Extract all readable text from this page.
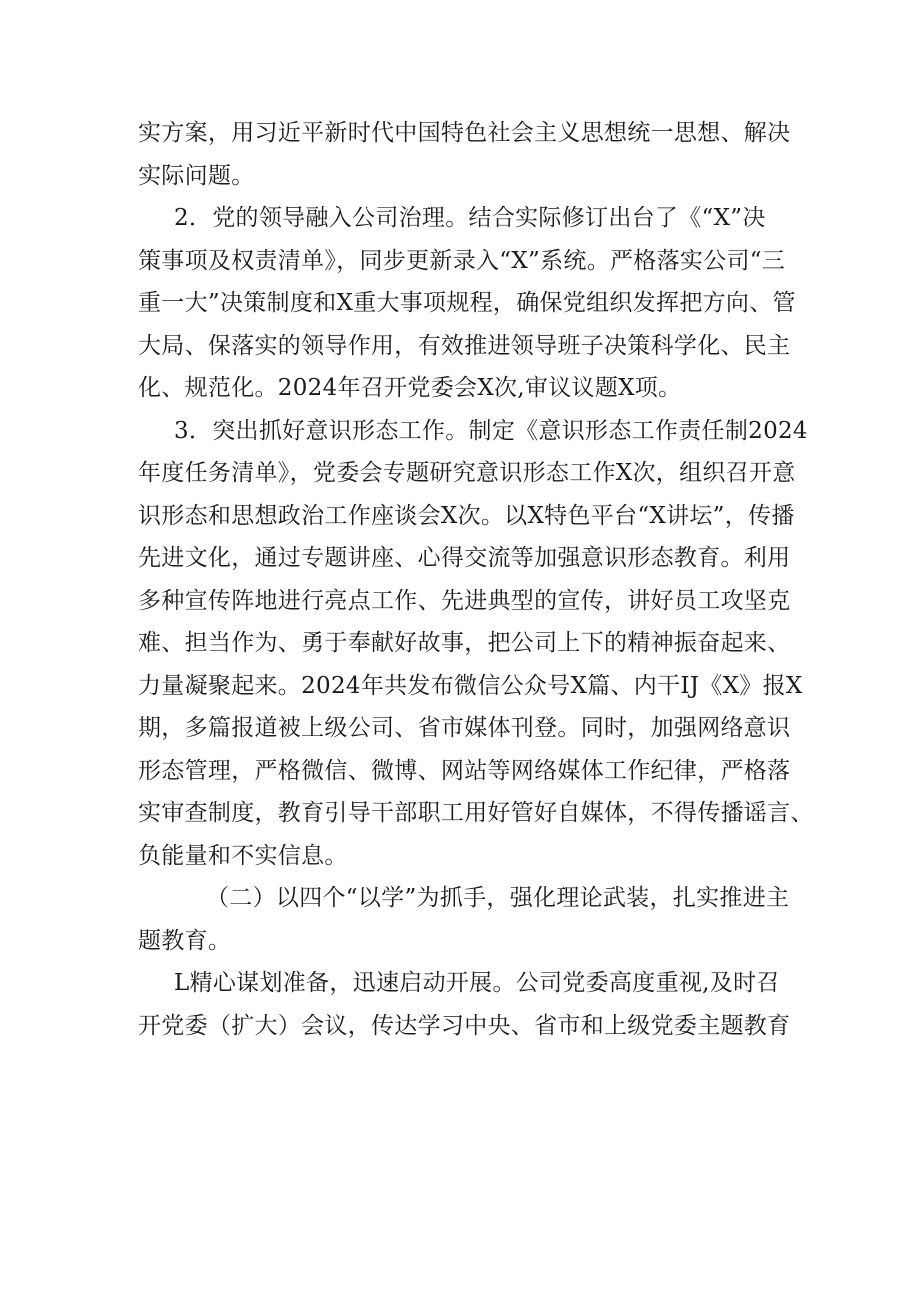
实方案，用习近平新时代中国特色社会主义思想统一思想、解决
实际问题。
2．党的领导融入公司治理。结合实际修订出台了《“X”决
策事项及权责清单》，同步更新录入“X”系统。严格落实公司“三
重一大”决策制度和X重大事项规程，确保党组织发挥把方向、管
大局、保落实的领导作用，有效推进领导班子决策科学化、民主
化、规范化。2024年召开党委会X次,审议议题X项。
3．突出抓好意识形态工作。制定《意识形态工作责任制2024
年度任务清单》，党委会专题研究意识形态工作X次，组织召开意
识形态和思想政治工作座谈会X次。以X特色平台“X讲坛”，传播
先进文化，通过专题讲座、心得交流等加强意识形态教育。利用
多种宣传阵地进行亮点工作、先进典型的宣传，讲好员工攻坚克
难、担当作为、勇于奉献好故事，把公司上下的精神振奋起来、
力量凝聚起来。2024年共发布微信公众号X篇、内干IJ《X》报X
期，多篇报道被上级公司、省市媒体刊登。同时，加强网络意识
形态管理，严格微信、微博、网站等网络媒体工作纪律，严格落
实审查制度，教育引导干部职工用好管好自媒体，不得传播谣言、
负能量和不实信息。
（二）以四个“以学”为抓手，强化理论武装，扎实推进主
题教育。
L精心谋划准备，迅速启动开展。公司党委高度重视,及时召
开党委（扩大）会议，传达学习中央、省市和上级党委主题教育
